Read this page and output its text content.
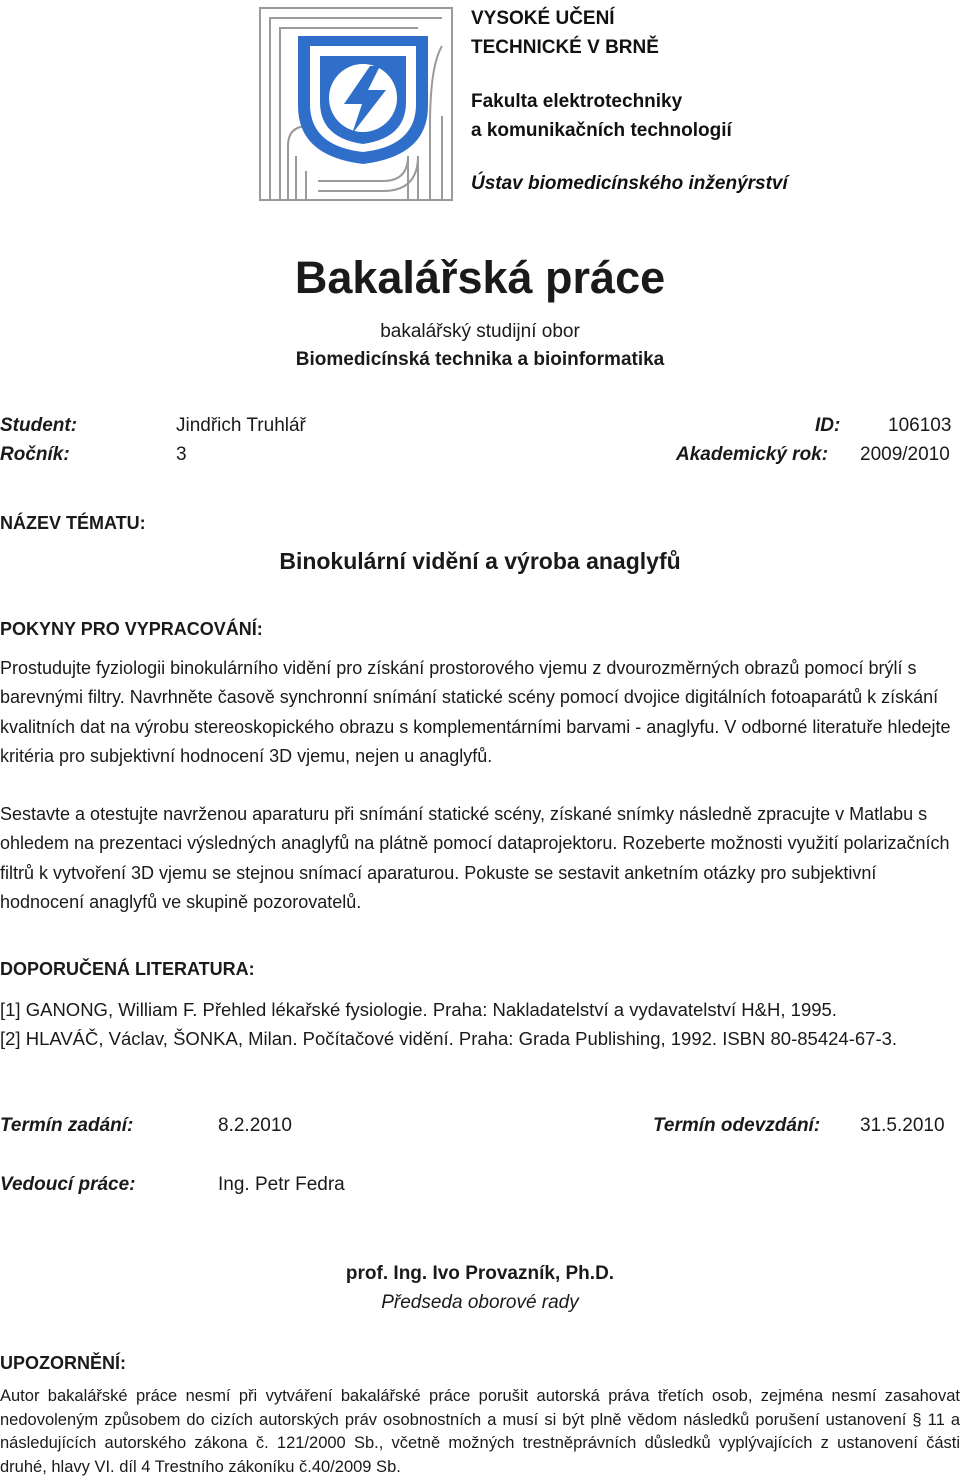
VYSOKÉ UČENÍ
TECHNICKÉ V BRNĚ
Fakulta elektrotechniky
a komunikačních technologií
Ústav biomedicínského inženýrství
Bakalářská práce
bakalářský studijní obor
Biomedicínská technika a bioinformatika
Student:	Jindřich Truhlář	ID:	106103
Ročník:	3	Akademický rok: 2009/2010
NÁZEV TÉMATU:
Binokulární vidění a výroba anaglyfů
POKYNY PRO VYPRACOVÁNÍ:
Prostudujte fyziologii binokulárního vidění pro získání prostorového vjemu z dvourozměrných obrazů pomocí brýlí s barevnými filtry. Navrhněte časově synchronní snímání statické scény pomocí dvojice digitálních fotoaparátů k získání kvalitních dat na výrobu stereoskopického obrazu s komplementárními barvami - anaglyfu. V odborné literatuře hledejte kritéria pro subjektivní hodnocení 3D vjemu, nejen u anaglyfů.
Sestavte a otestujte navrženou aparaturu při snímání statické scény, získané snímky následně zpracujte v Matlabu s ohledem na prezentaci výsledných anaglyfů na plátně pomocí dataprojektoru. Rozeberte možnosti využití polarizačních filtrů k vytvoření 3D vjemu se stejnou snímací aparaturou. Pokuste se sestavit anketním otázky pro subjektivní hodnocení anaglyfů ve skupině pozorovatelů.
DOPORUČENÁ LITERATURA:
[1] GANONG, William F. Přehled lékařské fysiologie. Praha: Nakladatelství a vydavatelství H&H, 1995.
[2] HLAVÁČ, Václav, ŠONKA, Milan. Počítačové vidění. Praha: Grada Publishing, 1992. ISBN 80-85424-67-3.
Termín zadání:	8.2.2010	Termín odevzdání: 31.5.2010
Vedoucí práce:	Ing. Petr Fedra
prof. Ing. Ivo Provazník, Ph.D.
Předseda oborové rady
UPOZORNĚNÍ:
Autor bakalářské práce nesmí při vytváření bakalářské práce porušit autorská práva třetích osob, zejména nesmí zasahovat nedovoleným způsobem do cizích autorských práv osobnostních a musí si být plně vědom následků porušení ustanovení § 11 a následujících autorského zákona č. 121/2000 Sb., včetně možných trestněprávních důsledků vyplývajících z ustanovení části druhé, hlavy VI. díl 4 Trestního zákoníku č.40/2009 Sb.
